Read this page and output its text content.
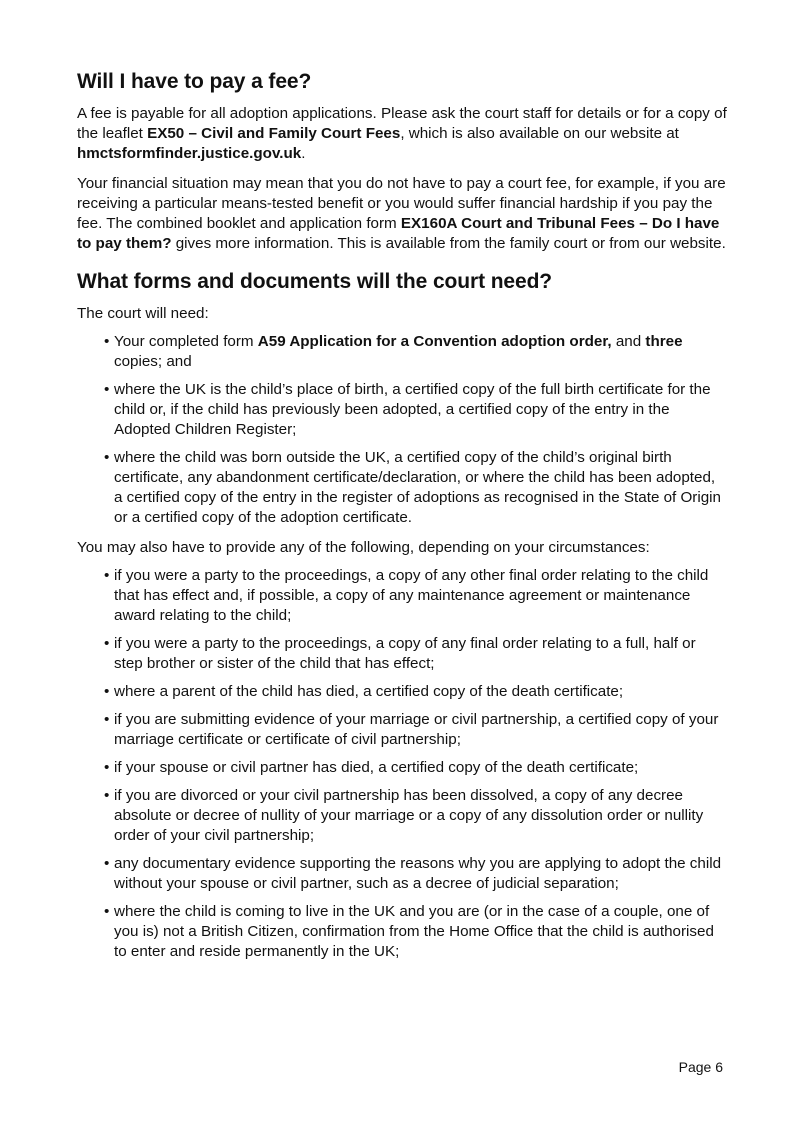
Will I have to pay a fee?

A fee is payable for all adoption applications. Please ask the court staff for details or for a copy of the leaflet EX50 – Civil and Family Court Fees, which is also available on our website at hmctsformfinder.justice.gov.uk.

Your financial situation may mean that you do not have to pay a court fee, for example, if you are receiving a particular means-tested benefit or you would suffer financial hardship if you pay the fee. The combined booklet and application form EX160A Court and Tribunal Fees – Do I have to pay them? gives more information. This is available from the family court or from our website.

What forms and documents will the court need?

The court will need:

• Your completed form A59 Application for a Convention adoption order, and three copies; and
• where the UK is the child’s place of birth, a certified copy of the full birth certificate for the child or, if the child has previously been adopted, a certified copy of the entry in the Adopted Children Register;
• where the child was born outside the UK, a certified copy of the child’s original birth certificate, any abandonment certificate/declaration, or where the child has been adopted, a certified copy of the entry in the register of adoptions as recognised in the State of Origin or a certified copy of the adoption certificate.

You may also have to provide any of the following, depending on your circumstances:

• if you were a party to the proceedings, a copy of any other final order relating to the child that has effect and, if possible, a copy of any maintenance agreement or maintenance award relating to the child;
• if you were a party to the proceedings, a copy of any final order relating to a full, half or step brother or sister of the child that has effect;
• where a parent of the child has died, a certified copy of the death certificate;
• if you are submitting evidence of your marriage or civil partnership, a certified copy of your marriage certificate or certificate of civil partnership;
• if your spouse or civil partner has died, a certified copy of the death certificate;
• if you are divorced or your civil partnership has been dissolved, a copy of any decree absolute or decree of nullity of your marriage or a copy of any dissolution order or nullity order of your civil partnership;
• any documentary evidence supporting the reasons why you are applying to adopt the child without your spouse or civil partner, such as a decree of judicial separation;
• where the child is coming to live in the UK and you are (or in the case of a couple, one of you is) not a British Citizen, confirmation from the Home Office that the child is authorised to enter and reside permanently in the UK;
Page 6
